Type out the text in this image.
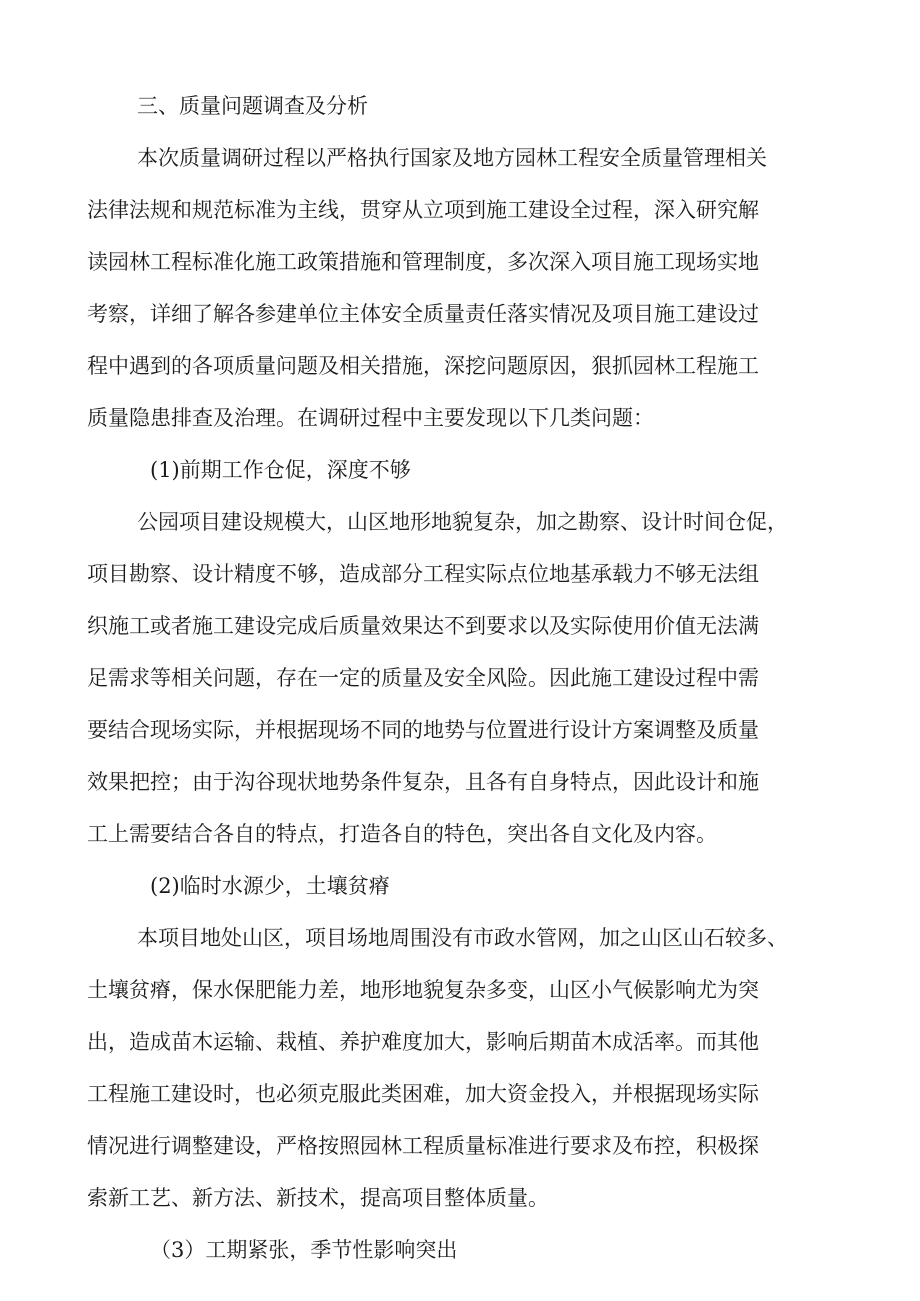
三、质量问题调查及分析
本次质量调研过程以严格执行国家及地方园林工程安全质量管理相关
法律法规和规范标准为主线，贯穿从立项到施工建设全过程，深入研究解
读园林工程标准化施工政策措施和管理制度，多次深入项目施工现场实地
考察，详细了解各参建单位主体安全质量责任落实情况及项目施工建设过
程中遇到的各项质量问题及相关措施，深挖问题原因，狠抓园林工程施工
质量隐患排查及治理。在调研过程中主要发现以下几类问题：
(1)前期工作仓促，深度不够
公园项目建设规模大，山区地形地貌复杂，加之勘察、设计时间仓促，
项目勘察、设计精度不够，造成部分工程实际点位地基承载力不够无法组
织施工或者施工建设完成后质量效果达不到要求以及实际使用价值无法满
足需求等相关问题，存在一定的质量及安全风险。因此施工建设过程中需
要结合现场实际，并根据现场不同的地势与位置进行设计方案调整及质量
效果把控；由于沟谷现状地势条件复杂，且各有自身特点，因此设计和施
工上需要结合各自的特点，打造各自的特色，突出各自文化及内容。
(2)临时水源少，土壤贫瘠
本项目地处山区，项目场地周围没有市政水管网，加之山区山石较多、
土壤贫瘠，保水保肥能力差，地形地貌复杂多变，山区小气候影响尤为突
出，造成苗木运输、栽植、养护难度加大，影响后期苗木成活率。而其他
工程施工建设时，也必须克服此类困难，加大资金投入，并根据现场实际
情况进行调整建设，严格按照园林工程质量标准进行要求及布控，积极探
索新工艺、新方法、新技术，提高项目整体质量。
（3）工期紧张，季节性影响突出
